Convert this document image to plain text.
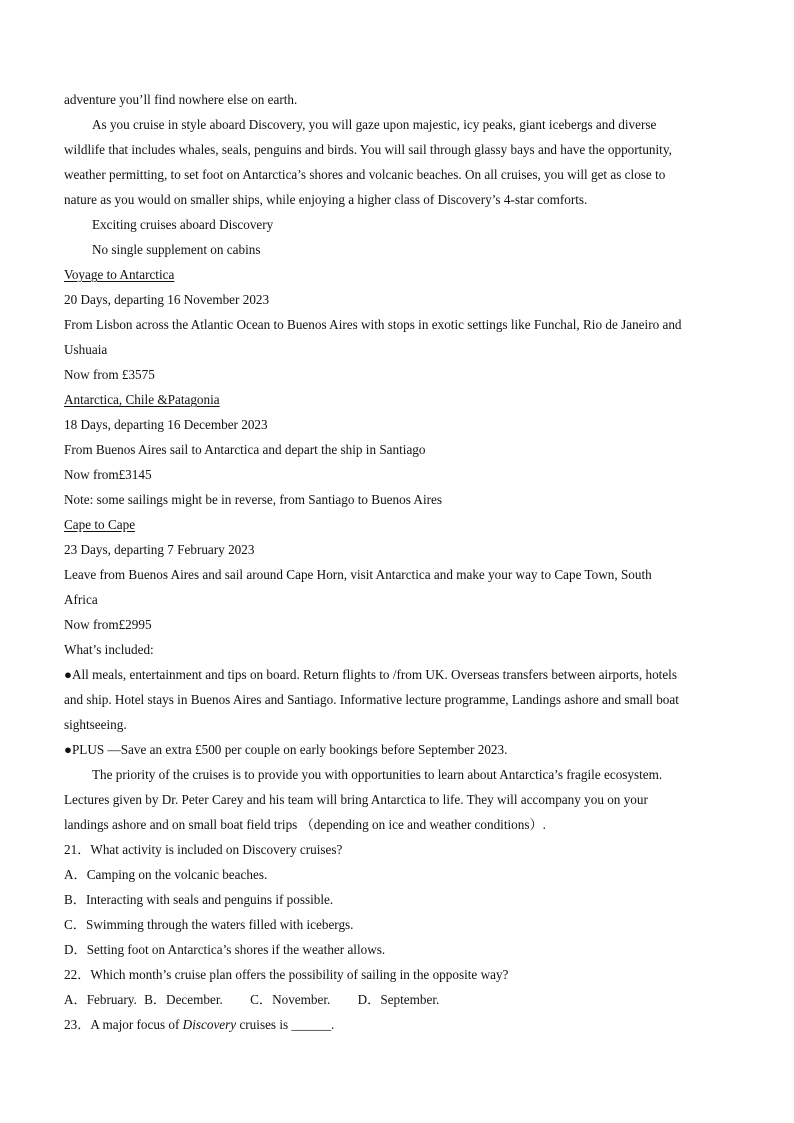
adventure you’ll find nowhere else on earth.
As you cruise in style aboard Discovery, you will gaze upon majestic, icy peaks, giant icebergs and diverse
wildlife that includes whales, seals, penguins and birds. You will sail through glassy bays and have the opportunity,
weather permitting, to set foot on Antarctica’s shores and volcanic beaches. On all cruises, you will get as close to
nature as you would on smaller ships, while enjoying a higher class of Discovery’s 4-star comforts.
Exciting cruises aboard Discovery
No single supplement on cabins
Voyage to Antarctica
20 Days, departing 16 November 2023
From Lisbon across the Atlantic Ocean to Buenos Aires with stops in exotic settings like Funchal, Rio de Janeiro and
Ushuaia
Now from £3575
Antarctica, Chile &Patagonia
18 Days, departing 16 December 2023
From Buenos Aires sail to Antarctica and depart the ship in Santiago
Now from£3145
Note: some sailings might be in reverse, from Santiago to Buenos Aires
Cape to Cape
23 Days, departing 7 February 2023
Leave from Buenos Aires and sail around Cape Horn, visit Antarctica and make your way to Cape Town, South
Africa
Now from£2995
What’s included:
●All meals, entertainment and tips on board. Return flights to /from UK. Overseas transfers between airports, hotels
and ship. Hotel stays in Buenos Aires and Santiago. Informative lecture programme, Landings ashore and small boat
sightseeing.
●PLUS —Save an extra £500 per couple on early bookings before September 2023.
The priority of the cruises is to provide you with opportunities to learn about Antarctica’s fragile ecosystem.
Lectures given by Dr. Peter Carey and his team will bring Antarctica to life. They will accompany you on your
landings ashore and on small boat field trips （depending on ice and weather conditions）.
21．What activity is included on Discovery cruises?
A．Camping on the volcanic beaches.
B．Interacting with seals and penguins if possible.
C．Swimming through the waters filled with icebergs.
D．Setting foot on Antarctica’s shores if the weather allows.
22．Which month’s cruise plan offers the possibility of sailing in the opposite way?
A．February. B．December. C．November. D．September.
23．A major focus of Discovery cruises is ______.
